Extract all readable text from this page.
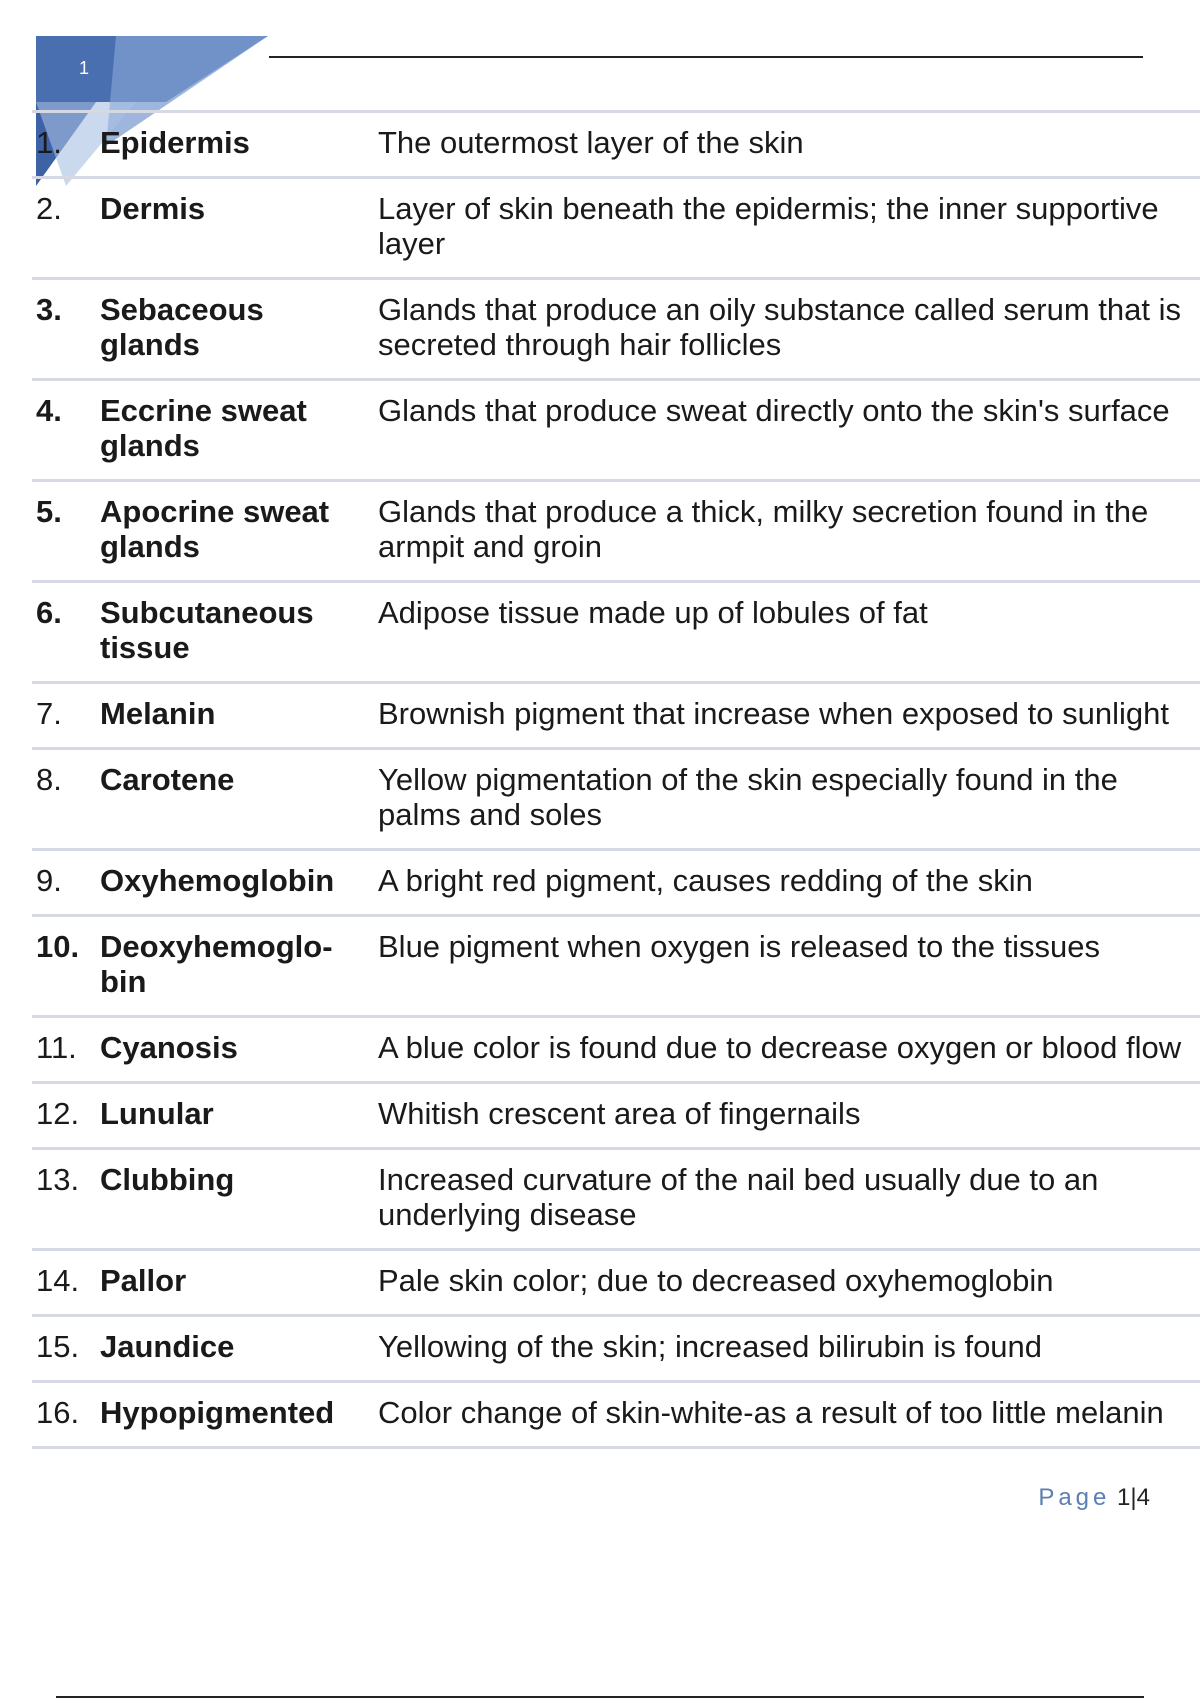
1
1.	Epidermis	The outermost layer of the skin
2.	Dermis	Layer of skin beneath the epidermis; the inner supportive layer
3.	Sebaceous glands	Glands that produce an oily substance called serum that is secreted through hair follicles
4.	Eccrine sweat glands	Glands that produce sweat directly onto the skin's surface
5.	Apocrine sweat glands	Glands that produce a thick, milky secretion found in the armpit and groin
6.	Subcutaneous tissue	Adipose tissue made up of lobules of fat
7.	Melanin	Brownish pigment that increase when exposed to sunlight
8.	Carotene	Yellow pigmentation of the skin especially found in the palms and soles
9.	Oxyhemoglobin	A bright red pigment, causes redding of the skin
10.	Deoxyhemoglo-bin	Blue pigment when oxygen is released to the tissues
11.	Cyanosis	A blue color is found due to decrease oxygen or blood flow
12.	Lunular	Whitish crescent area of fingernails
13.	Clubbing	Increased curvature of the nail bed usually due to an underlying disease
14.	Pallor	Pale skin color; due to decreased oxyhemoglobin
15.	Jaundice	Yellowing of the skin; increased bilirubin is found
16.	Hypopigmented	Color change of skin-white-as a result of too little melanin
Page 1|4
